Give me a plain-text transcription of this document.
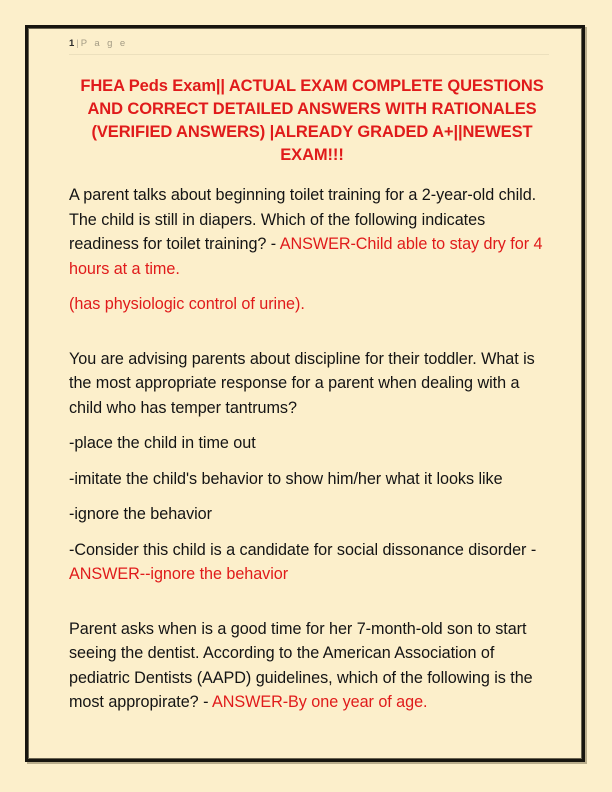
1 | P a g e
FHEA Peds Exam|| ACTUAL EXAM COMPLETE QUESTIONS AND CORRECT DETAILED ANSWERS WITH RATIONALES (VERIFIED ANSWERS) |ALREADY GRADED A+||NEWEST EXAM!!!

A parent talks about beginning toilet training for a 2-year-old child. The child is still in diapers. Which of the following indicates readiness for toilet training? - ANSWER-Child able to stay dry for 4 hours at a time.

(has physiologic control of urine).

You are advising parents about discipline for their toddler. What is the most appropriate response for a parent when dealing with a child who has temper tantrums?

-place the child in time out

-imitate the child's behavior to show him/her what it looks like

-ignore the behavior

-Consider this child is a candidate for social dissonance disorder - ANSWER--ignore the behavior

Parent asks when is a good time for her 7-month-old son to start seeing the dentist. According to the American Association of pediatric Dentists (AAPD) guidelines, which of the following is the most appropirate? - ANSWER-By one year of age.
